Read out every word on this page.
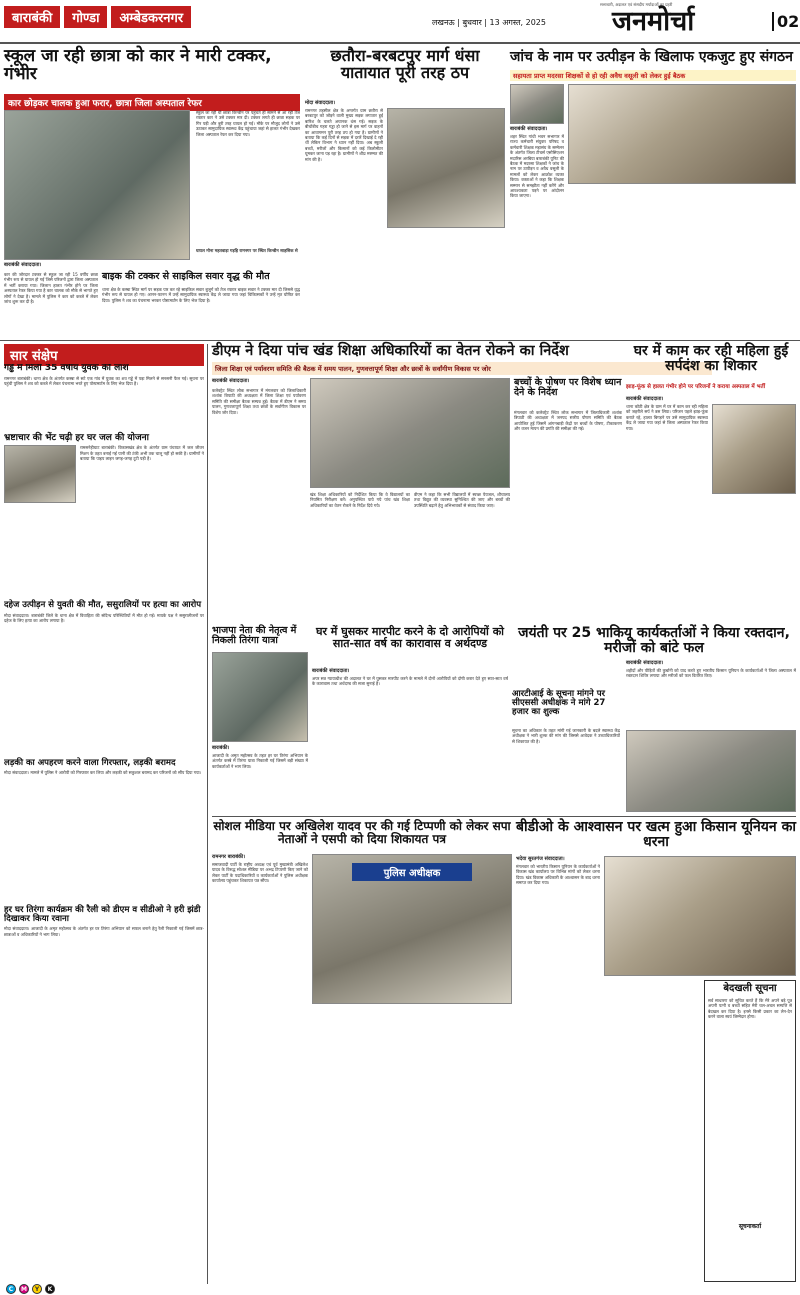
बाराबंकी	गोण्डा	अम्बेडकरनगर	लखनऊ | बुधवार | 13 अगस्त, 2025
सत्ताधारी, अदालत एवं संसदीय मर्यादाओं का प्रहरी
जनमोर्चा	02
स्कूल जा रही छात्रा को कार ने मारी टक्कर, गंभीर
कार छोड़कर चालक हुआ फरार, छात्रा जिला अस्पताल रेफर
बाराबंकी संवाददाता।
घायल मोना महतवाड़ा गड़हि रामनगर पर स्थित किन्डीन साहसिक से
कार की जोरदार टक्कर से स्कूल जा रही 15 वर्षीय छात्रा गंभीर रूप से घायल हो गई जिसे परिजनों द्वारा जिला अस्पताल में भर्ती कराया गया। जिलान हालत गंभीर होने पर जिला अस्पताल रेफर किया गया है कार चालक को मौके से भागते हुए लोगों ने देखा है। मामले में पुलिस ने कार को कब्जे में लेकर जांच शुरू कर दी है।
स्कूल जा रही थी छात्रा किन्डीन पर पहुंचते ही सामने से आ रही तेज रफ्तार कार ने उसे टक्कर मार दी। टक्कर लगते ही छात्रा सड़क पर गिर पड़ी और बुरी तरह घायल हो गई। मौके पर मौजूद लोगों ने उसे उठाकर सामुदायिक स्वास्थ्य केंद्र पहुंचाया जहां से हालत गंभीर देखकर जिला अस्पताल रेफर कर दिया गया।
बाइक की टक्कर से साइकिल सवार वृद्ध की मौत
थाना क्षेत्र के कस्बा स्थित मार्ग पर सड़क पार कर रहे साइकिल सवार बुजुर्ग को तेज रफ्तार बाइक सवार ने टक्कर मार दी जिससे वृद्ध गंभीर रूप से घायल हो गए। आनन-फानन में उन्हें सामुदायिक स्वास्थ्य केंद्र ले जाया गया जहां चिकित्सकों ने उन्हें मृत घोषित कर दिया। पुलिस ने शव का पंचनामा भरकर पोस्टमार्टम के लिए भेज दिया है।
छतौरा-बरबटपुर मार्ग धंसा यातायात पूरी तरह ठप
मोदा संवाददाता।
रामनगर तहसील क्षेत्र के अन्तर्गत ग्राम छतौरा से बरबटपुर को जोड़ने वाली मुख्य सड़क लगातार हुई बारिश के चलते अचानक धंस गई। सड़क के बीचोंबीच गहरा गड्ढा हो जाने से इस मार्ग पर वाहनों का आवागमन पूरी तरह ठप हो गया है। ग्रामीणों ने बताया कि कई दिनों से सड़क में दरारें दिखाई दे रही थीं लेकिन विभाग ने ध्यान नहीं दिया। अब स्कूली बच्चों, मरीजों और किसानों को कई किलोमीटर घूमकर जाना पड़ रहा है। ग्रामीणों ने शीघ्र मरम्मत की मांग की है।
जांच के नाम पर उत्पीड़न के खिलाफ एकजुट हुए संगठन
सहायता प्राप्त मदरसा शिक्षकों से हो रही अवैध वसूली को लेकर हुई बैठक
बाराबंकी संवाददाता।
शहर स्थित गांधी भवन सभागार में राज्य कर्मचारी संयुक्त परिषद व कर्मचारी शिक्षक महासंघ के सम्मेलन के अंतर्गत जिला टीचर्स एसोसिएशन मदारिस अरबिया बाराबंकी यूनिट की बैठक में मदरसा शिक्षकों ने जांच के नाम पर उत्पीड़न व अवैध वसूली के मामलों को लेकर आक्रोश व्यक्त किया। वक्ताओं ने कहा कि शिक्षक सम्मान से समझौता नहीं करेंगे और आवश्यकता पड़ने पर आंदोलन किया जाएगा।
सार संक्षेप
गड्ढे में मिली 35 वर्षीय युवक की लाश
रामनगर बाराबंकी। थाना क्षेत्र के अंतर्गत कस्बा से सटे एक गांव में युवक का शव गड्ढे में पड़ा मिलने से सनसनी फैल गई। सूचना पर पहुंची पुलिस ने शव को कब्जे में लेकर पंचनामा भरते हुए पोस्टमार्टम के लिए भेज दिया है।
भ्रष्टाचार की भेंट चढ़ी हर घर जल की योजना
रामसनेहीघाट बाराबंकी। विकासखंड क्षेत्र के अंतर्गत ग्राम पंचायत में जल जीवन मिशन के तहत बनाई गई पानी की टंकी अभी तक चालू नहीं हो सकी है। ग्रामीणों ने बताया कि पाइप लाइन जगह-जगह टूटी पड़ी है।
दहेज उत्पीड़न से युवती की मौत, ससुरालियों पर हत्या का आरोप
मोदा संवाददाता। बाराबंकी जिले के थाना क्षेत्र में विवाहिता की संदिग्ध परिस्थितियों में मौत हो गई। मायके पक्ष ने ससुरालीजनों पर दहेज के लिए हत्या का आरोप लगाया है।
लड़की का अपहरण करने वाला गिरफ्तार, लड़की बरामद
मोदा संवाददाता। मामले में पुलिस ने आरोपी को गिरफ्तार कर लिया और लड़की को सकुशल बरामद कर परिजनों को सौंप दिया गया।
हर घर तिरंगा कार्यक्रम की रैली को डीएम व सीडीओ ने हरी झंडी दिखाकर किया रवाना
मोदा संवाददाता। आजादी के अमृत महोत्सव के अंतर्गत हर घर तिरंगा अभियान को सफल बनाने हेतु रैली निकाली गई जिसमें छात्र-छात्राओं व अधिकारियों ने भाग लिया।
डीएम ने दिया पांच खंड शिक्षा अधिकारियों का वेतन रोकने का निर्देश
जिला शिक्षा एवं पर्यावरण समिति की बैठक में समय पालन, गुणवत्तापूर्ण शिक्षा और छात्रों के सर्वांगीण विकास पर जोर
बाराबंकी संवाददाता।
कलेक्ट्रेट स्थित लोक सभागार में मंगलवार को जिलाधिकारी शशांक त्रिपाठी की अध्यक्षता में जिला शिक्षा एवं पर्यावरण समिति की समीक्षा बैठक सम्पन्न हुई। बैठक में डीएम ने समय पालन, गुणवत्तापूर्ण शिक्षा तथा छात्रों के सर्वांगीण विकास पर विशेष जोर दिया।
खंड शिक्षा अधिकारियों को निर्देशित किया कि वे विद्यालयों का नियमित निरीक्षण करें। अनुपस्थित पाये गये पांच खंड शिक्षा अधिकारियों का वेतन रोकने के निर्देश दिये गये।
डीएम ने कहा कि सभी विद्यालयों में स्वच्छ पेयजल, शौचालय तथा विद्युत की व्यवस्था सुनिश्चित की जाए और बच्चों की उपस्थिति बढ़ाने हेतु अभिभावकों से संवाद किया जाए।
बच्चों के पोषण पर विशेष ध्यान देने के निर्देश
मंगलवार को कलेक्ट्रेट स्थित लोक सभागार में जिलाधिकारी शशांक त्रिपाठी की अध्यक्षता में जनपद स्तरीय पोषण समिति की बैठक आयोजित हुई जिसमें आंगनबाड़ी केंद्रों पर बच्चों के पोषण, टीकाकरण और वजन मापन की प्रगति की समीक्षा की गई।
घर में काम कर रही महिला हुई सर्पदंश का शिकार
झाड़-फूंक से हालत गंभीर होने पर परिजनों ने कराया अस्पताल में भर्ती
बाराबंकी संवाददाता।
थाना कोठी क्षेत्र के ग्राम में घर में काम कर रही महिला को जहरीले सर्प ने डस लिया। परिजन पहले झाड़-फूंक कराते रहे, हालत बिगड़ने पर उसे सामुदायिक स्वास्थ्य केंद्र ले जाया गया जहां से जिला अस्पताल रेफर किया गया।
भाजपा नेता की नेतृत्व में निकली तिरंगा यात्रा
बाराबंकी।
आजादी के अमृत महोत्सव के तहत हर घर तिरंगा अभियान के अंतर्गत कस्बे में तिरंगा यात्रा निकाली गई जिसमें बड़ी संख्या में कार्यकर्ताओं ने भाग लिया।
घर में घुसकर मारपीट करने के दो आरोपियों को सात-सात वर्ष का कारावास व अर्थदण्ड
बाराबंकी संवाददाता।
अपर सत्र न्यायाधीश की अदालत ने घर में घुसकर मारपीट करने के मामले में दोनों आरोपियों को दोषी करार देते हुए सात-सात वर्ष के कारावास तथा अर्थदण्ड की सजा सुनाई है।
आरटीआई के सूचना मांगने पर सीएससी अधीक्षक ने मांगे 27 हजार का शुल्क
सूचना का अधिकार के तहत मांगी गई जानकारी के बदले स्वास्थ्य केंद्र अधीक्षक ने भारी शुल्क की मांग की जिससे आवेदक ने उच्चाधिकारियों से शिकायत की है।
जयंती पर 25 भाकियू कार्यकर्ताओं ने किया रक्तदान, मरीजों को बांटे फल
बाराबंकी संवाददाता।
शहीदों और पीड़ितों की कुर्बानी को याद करते हुए भारतीय किसान यूनियन के कार्यकर्ताओं ने जिला अस्पताल में रक्तदान शिविर लगाया और मरीजों को फल वितरित किए।
सोशल मीडिया पर अखिलेश यादव पर की गई टिप्पणी को लेकर सपा नेताओं ने एसपी को दिया शिकायत पत्र
रामनगर बाराबंकी।
समाजवादी पार्टी के राष्ट्रीय अध्यक्ष एवं पूर्व मुख्यमंत्री अखिलेश यादव के विरुद्ध सोशल मीडिया पर अभद्र टिप्पणी किए जाने को लेकर पार्टी के पदाधिकारियों व कार्यकर्ताओं ने पुलिस अधीक्षक कार्यालय पहुंचकर शिकायत पत्र सौंपा।
पुलिस अधीक्षक
बीडीओ के आश्वासन पर खत्म हुआ किसान यूनियन का धरना
भदेवा सुरतगंज संवाददाता।
मंगलवार को भारतीय किसान यूनियन के कार्यकर्ताओं ने विकास खंड कार्यालय पर विभिन्न मांगों को लेकर धरना दिया। खंड विकास अधिकारी के आश्वासन के बाद धरना समाप्त कर दिया गया।
बेदखली सूचना
सर्व साधारण को सूचित करते हैं कि मेरे अपने बड़े पुत्र अपनी पत्नी व बच्चों सहित मेरी चल-अचल सम्पत्ति से बेदखल कर दिया है। इनसे किसी प्रकार का लेन-देन करने वाला स्वयं जिम्मेदार होगा।
सूचनाकर्ता
C	M	Y	K
